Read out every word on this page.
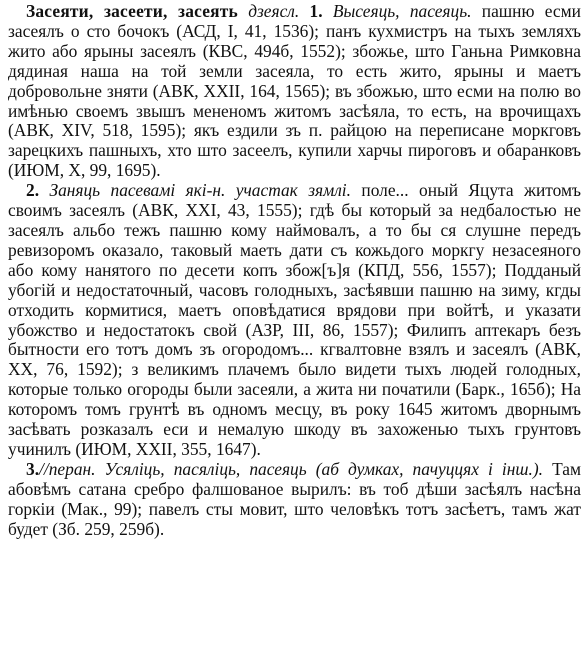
Засеяти, засеети, засеять дзеясл. 1. Высеяць, пасеяць. пашню есми засеялъ о сто бочокъ (АСД, I, 41, 1536); панъ кухмистръ на тыхъ земляхъ жито або ярыны засеялъ (КВС, 494б, 1552); збожье, што Ганьна Римковна дядиная наша на той земли засеяла, то есть жито, ярыны и маетъ добровольне зняти (АВК, XXII, 164, 1565); въ збожью, што есми на полю во имѣнью своемъ звышъ мененомъ житомъ засѣяла, то есть, на врочищахъ (АВК, XIV, 518, 1595); якъ ездили зъ п. райцою на переписане моркговъ зарецкихъ пашныхъ, хто што засеелъ, купили харчы пироговъ и обаранковъ (ИЮМ, X, 99, 1695).

2. Заняць пасевамі які-н. участак зямлі. поле... оный Яцута житомъ своимъ засеялъ (АВК, XXI, 43, 1555); гдѣ бы который за недбалостью не засеялъ альбо тежъ пашню кому наймовалъ, а то бы ся слушне передъ ревизоромъ оказало, таковый маеть дати съ кожьдого моркгу незасеяного або кому нанятого по десети копъ збож[ъ]я (КПД, 556, 1557); Подданый убогій и недостаточный, часовъ голодныхъ, засѣявши пашню на зиму, кгды отходить кормитися, маетъ оповѣдатися врядови при войтѣ, и указати убожство и недостатокъ свой (АЗР, III, 86, 1557); Филипъ аптекаръ безъ бытности его тотъ домъ зъ огородомъ... кгвалтовне взялъ и засеялъ (АВК, XX, 76, 1592); з великимъ плачемъ было видети тыхъ людей голодных, которые только огороды были засеяли, а жита ни початили (Барк., 165б); На которомъ томъ грунтѣ въ одномъ месцу, въ року 1645 житомъ дворнымъ засѣвать розказалъ еси и немалую шкоду въ захоженью тыхъ грунтовъ учинилъ (ИЮМ, XXII, 355, 1647).

3.//перан. Усяліць, пасяліць, пасеяць (аб думках, пачуццях і інш.). Там абовѣмъ сатана сребро фалшованое вырилъ: въ тоб дѣши засѣялъ насѣна горкіи (Мак., 99); павелъ сты мовит, што человѣкъ тотъ засѣетъ, тамъ жат будет (Зб. 259, 259б).
